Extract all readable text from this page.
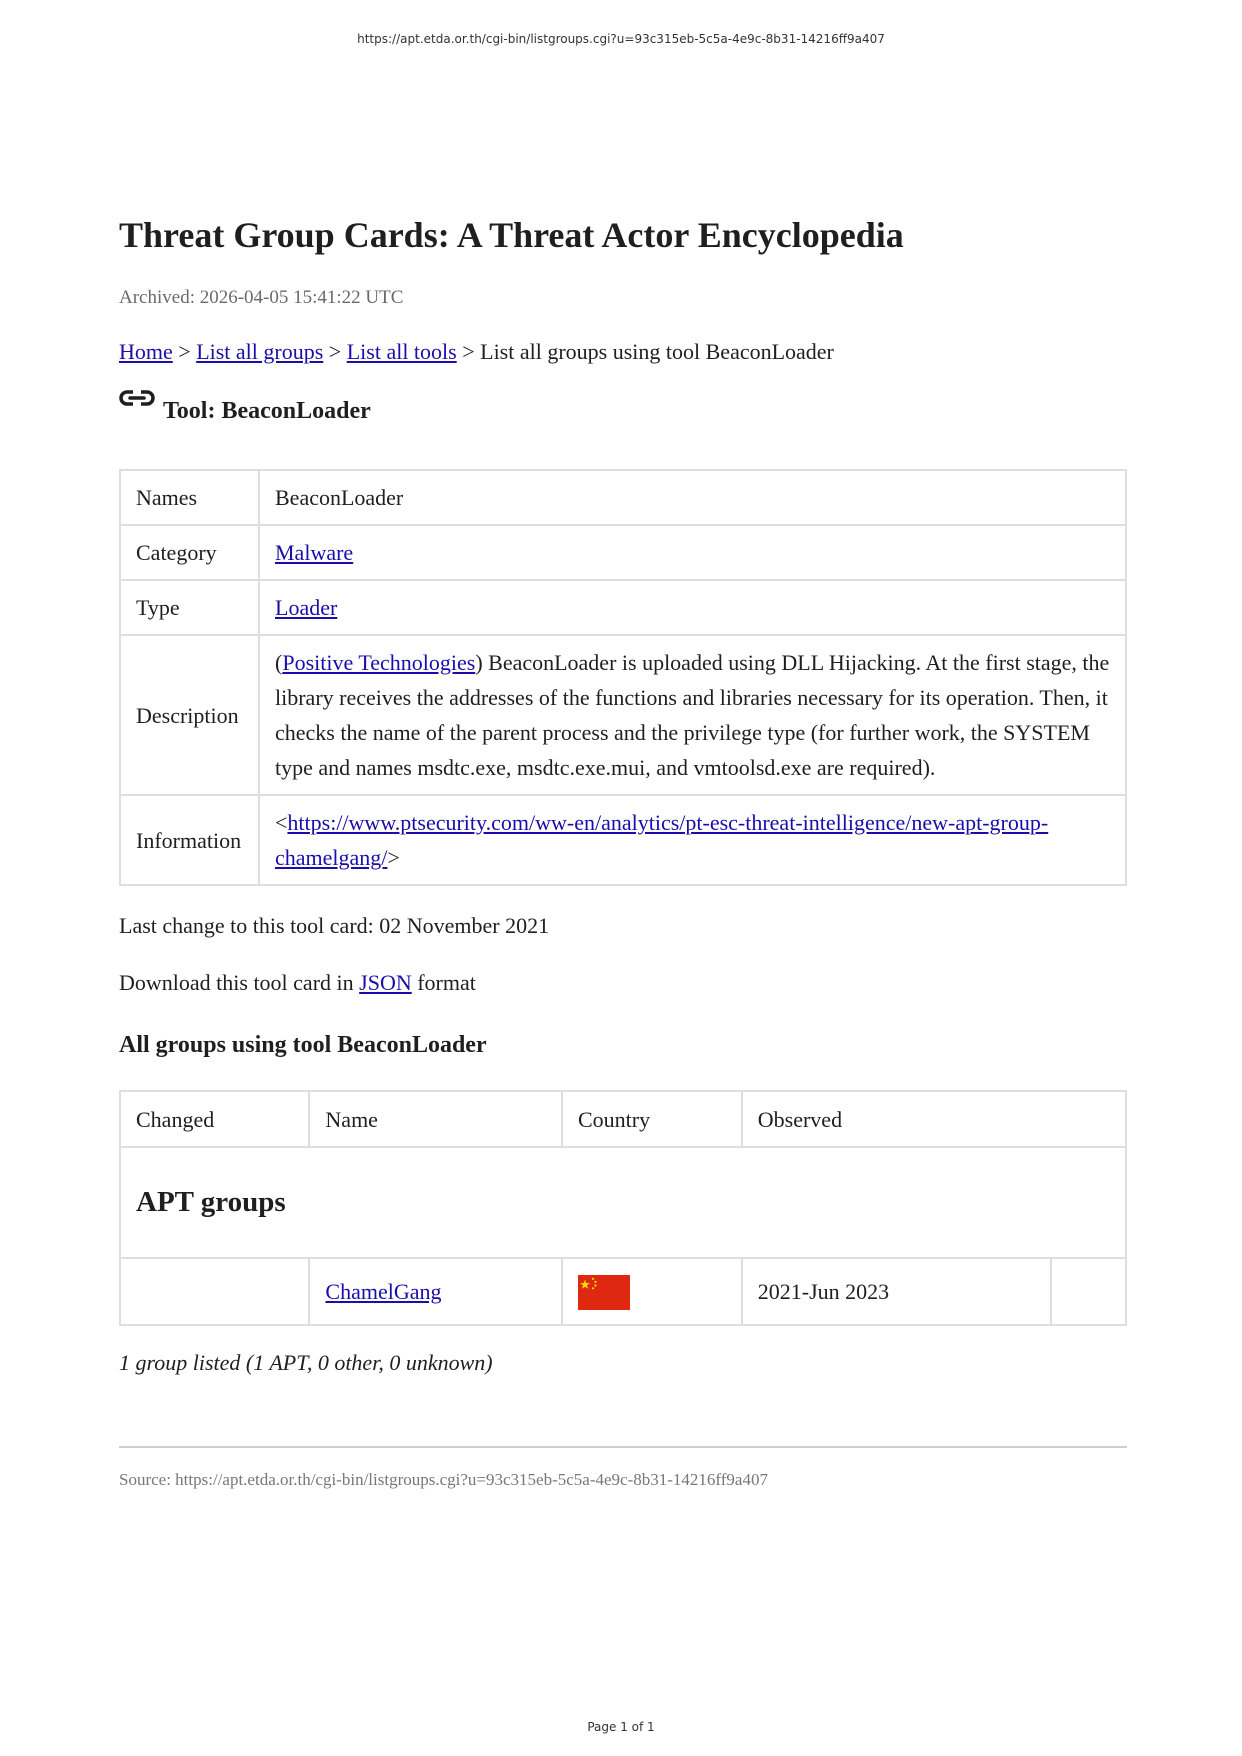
https://apt.etda.or.th/cgi-bin/listgroups.cgi?u=93c315eb-5c5a-4e9c-8b31-14216ff9a407
Threat Group Cards: A Threat Actor Encyclopedia
Archived: 2026-04-05 15:41:22 UTC
Home > List all groups > List all tools > List all groups using tool BeaconLoader
Tool: BeaconLoader
Names	BeaconLoader
Category	Malware
Type	Loader
Description	(Positive Technologies) BeaconLoader is uploaded using DLL Hijacking. At the first stage, the library receives the addresses of the functions and libraries necessary for its operation. Then, it checks the name of the parent process and the privilege type (for further work, the SYSTEM type and names msdtc.exe, msdtc.exe.mui, and vmtoolsd.exe are required).
Information	<https://www.ptsecurity.com/ww-en/analytics/pt-esc-threat-intelligence/new-apt-group-chamelgang/>
Last change to this tool card: 02 November 2021
Download this tool card in JSON format
All groups using tool BeaconLoader
Changed	Name	Country	Observed	
APT groups				
	ChamelGang		2021-Jun 2023	
1 group listed (1 APT, 0 other, 0 unknown)
Source: https://apt.etda.or.th/cgi-bin/listgroups.cgi?u=93c315eb-5c5a-4e9c-8b31-14216ff9a407
Page 1 of 1
